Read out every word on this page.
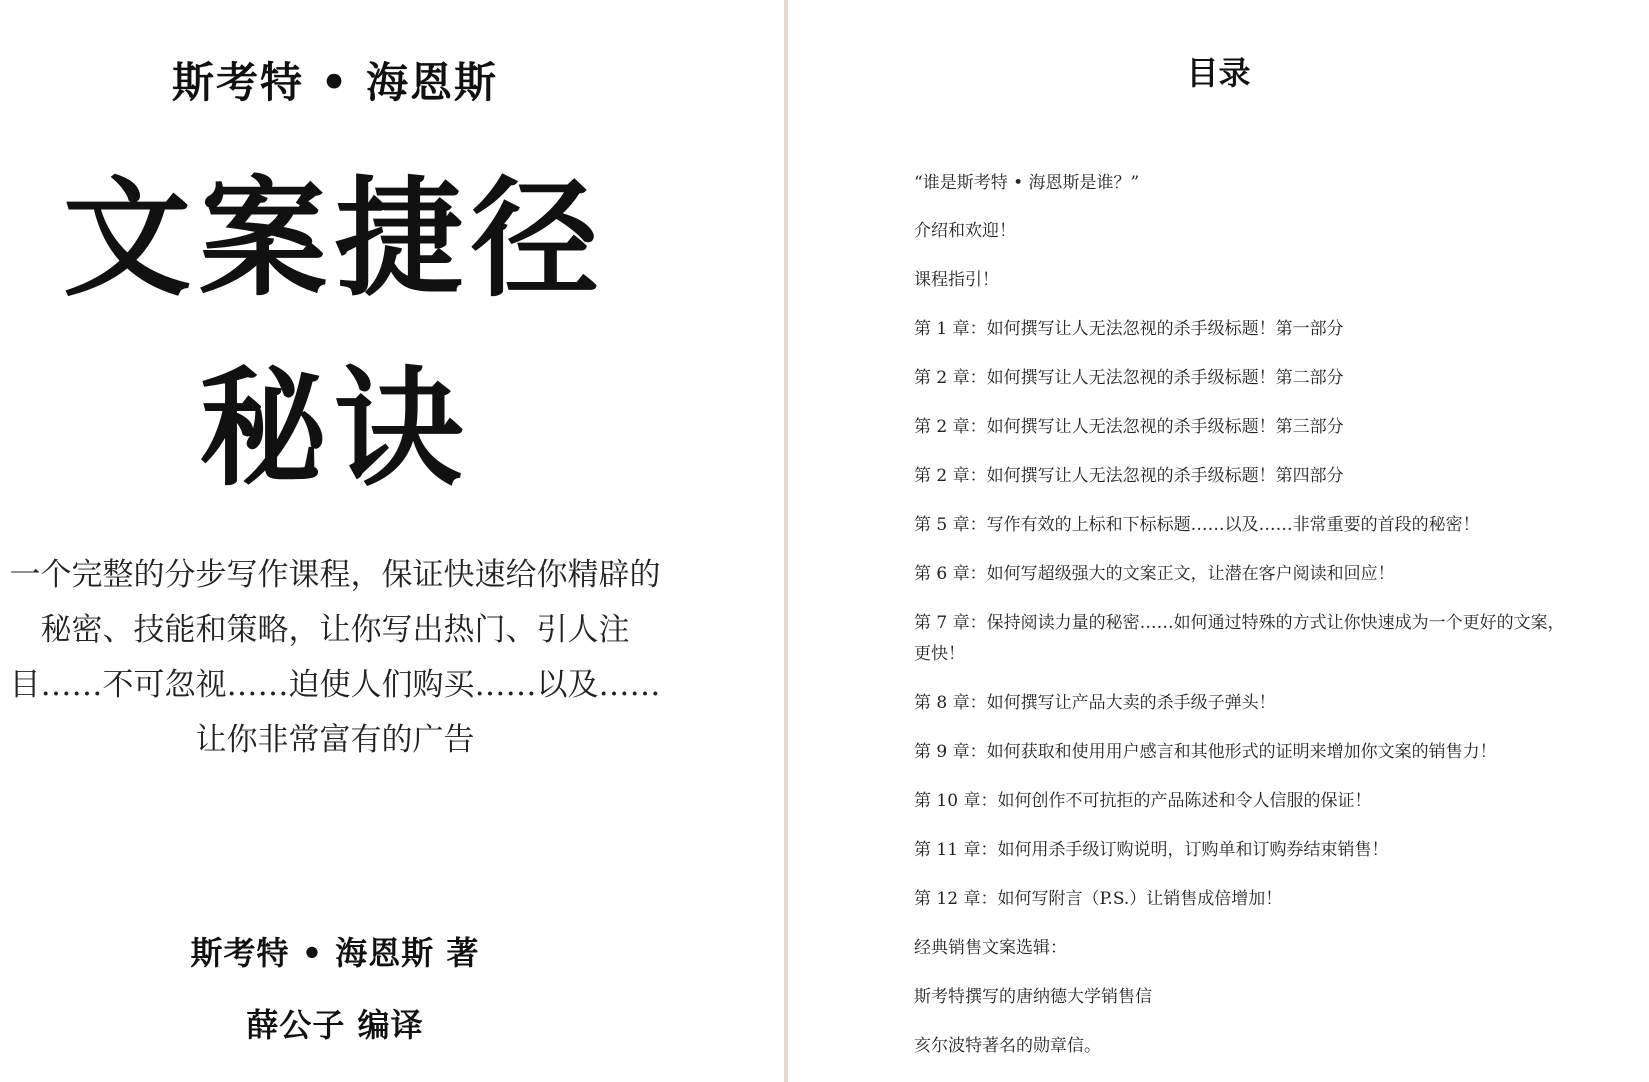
斯考特 • 海恩斯
文案捷径
秘诀
一个完整的分步写作课程，保证快速给你精辟的秘密、技能和策略，让你写出热门、引人注目……不可忽视……迫使人们购买……以及……让你非常富有的广告
斯考特 • 海恩斯 著
薛公子 编译
目录
“谁是斯考特 • 海恩斯是谁？”
介绍和欢迎！
课程指引！
第 1 章：如何撰写让人无法忽视的杀手级标题！第一部分
第 2 章：如何撰写让人无法忽视的杀手级标题！第二部分
第 2 章：如何撰写让人无法忽视的杀手级标题！第三部分
第 2 章：如何撰写让人无法忽视的杀手级标题！第四部分
第 5 章：写作有效的上标和下标标题……以及……非常重要的首段的秘密！
第 6 章：如何写超级强大的文案正文，让潜在客户阅读和回应！
第 7 章：保持阅读力量的秘密……如何通过特殊的方式让你快速成为一个更好的文案，更快！
第 8 章：如何撰写让产品大卖的杀手级子弹头！
第 9 章：如何获取和使用用户感言和其他形式的证明来增加你文案的销售力！
第 10 章：如何创作不可抗拒的产品陈述和令人信服的保证！
第 11 章：如何用杀手级订购说明，订购单和订购券结束销售！
第 12 章：如何写附言（P.S.）让销售成倍增加！
经典销售文案选辑：
斯考特撰写的唐纳德大学销售信
亥尔波特著名的勋章信。
